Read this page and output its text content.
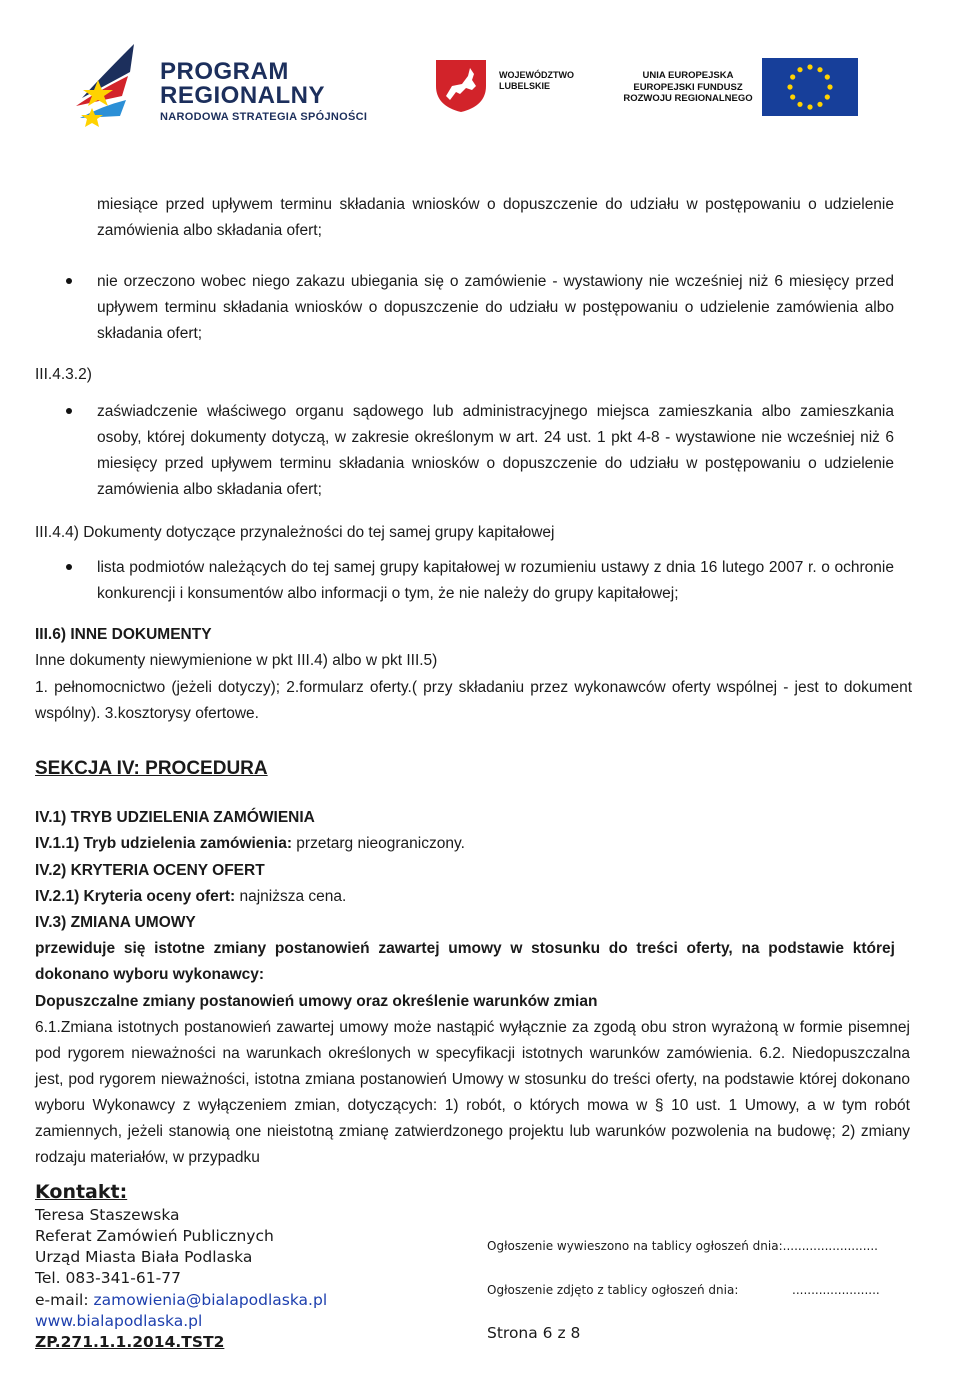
PROGRAM
REGIONALNY
NARODOWA STRATEGIA SPÓJNOŚCI
WOJEWÓDZTWO
LUBELSKIE
UNIA EUROPEJSKA
EUROPEJSKI FUNDUSZ
ROZWOJU REGIONALNEGO
miesiące przed upływem terminu składania wniosków o dopuszczenie do udziału w postępowaniu o udzielenie zamówienia albo składania ofert;
nie orzeczono wobec niego zakazu ubiegania się o zamówienie - wystawiony nie wcześniej niż 6 miesięcy przed upływem terminu składania wniosków o dopuszczenie do udziału w postępowaniu o udzielenie zamówienia albo składania ofert;
III.4.3.2)
zaświadczenie właściwego organu sądowego lub administracyjnego miejsca zamieszkania albo zamieszkania osoby, której dokumenty dotyczą, w zakresie określonym w art. 24 ust. 1 pkt 4-8 - wystawione nie wcześniej niż 6 miesięcy przed upływem terminu składania wniosków o dopuszczenie do udziału w postępowaniu o udzielenie zamówienia albo składania ofert;
III.4.4) Dokumenty dotyczące przynależności do tej samej grupy kapitałowej
lista podmiotów należących do tej samej grupy kapitałowej w rozumieniu ustawy z dnia 16 lutego 2007 r. o ochronie konkurencji i konsumentów albo informacji o tym, że nie należy do grupy kapitałowej;
III.6) INNE DOKUMENTY
Inne dokumenty niewymienione w pkt III.4) albo w pkt III.5)
1. pełnomocnictwo (jeżeli dotyczy); 2.formularz oferty.( przy składaniu przez wykonawców oferty wspólnej - jest to dokument wspólny). 3.kosztorysy ofertowe.
SEKCJA IV: PROCEDURA
IV.1) TRYB UDZIELENIA ZAMÓWIENIA
IV.1.1) Tryb udzielenia zamówienia: przetarg nieograniczony.
IV.2) KRYTERIA OCENY OFERT
IV.2.1) Kryteria oceny ofert: najniższa cena.
IV.3) ZMIANA UMOWY
przewiduje się istotne zmiany postanowień zawartej umowy w stosunku do treści oferty, na podstawie której dokonano wyboru wykonawcy:
Dopuszczalne zmiany postanowień umowy oraz określenie warunków zmian
6.1.Zmiana istotnych postanowień zawartej umowy może nastąpić wyłącznie za zgodą obu stron wyrażoną w formie pisemnej pod rygorem nieważności na warunkach określonych w specyfikacji istotnych warunków zamówienia. 6.2. Niedopuszczalna jest, pod rygorem nieważności, istotna zmiana postanowień Umowy w stosunku do treści oferty, na podstawie której dokonano wyboru Wykonawcy z wyłączeniem zmian, dotyczących: 1) robót, o których mowa w § 10 ust. 1 Umowy, a w tym robót zamiennych, jeżeli stanowią one nieistotną zmianę zatwierdzonego projektu lub warunków pozwolenia na budowę; 2) zmiany rodzaju materiałów, w przypadku
Kontakt:
Teresa Staszewska
Referat Zamówień Publicznych
Urząd Miasta Biała Podlaska
Tel. 083-341-61-77
e-mail: zamowienia@bialapodlaska.pl
www.bialapodlaska.pl
ZP.271.1.1.2014.TST2
Ogłoszenie wywieszono na tablicy ogłoszeń dnia:.........................
Ogłoszenie zdjęto z tablicy ogłoszeń dnia:	.......................
Strona 6 z 8
